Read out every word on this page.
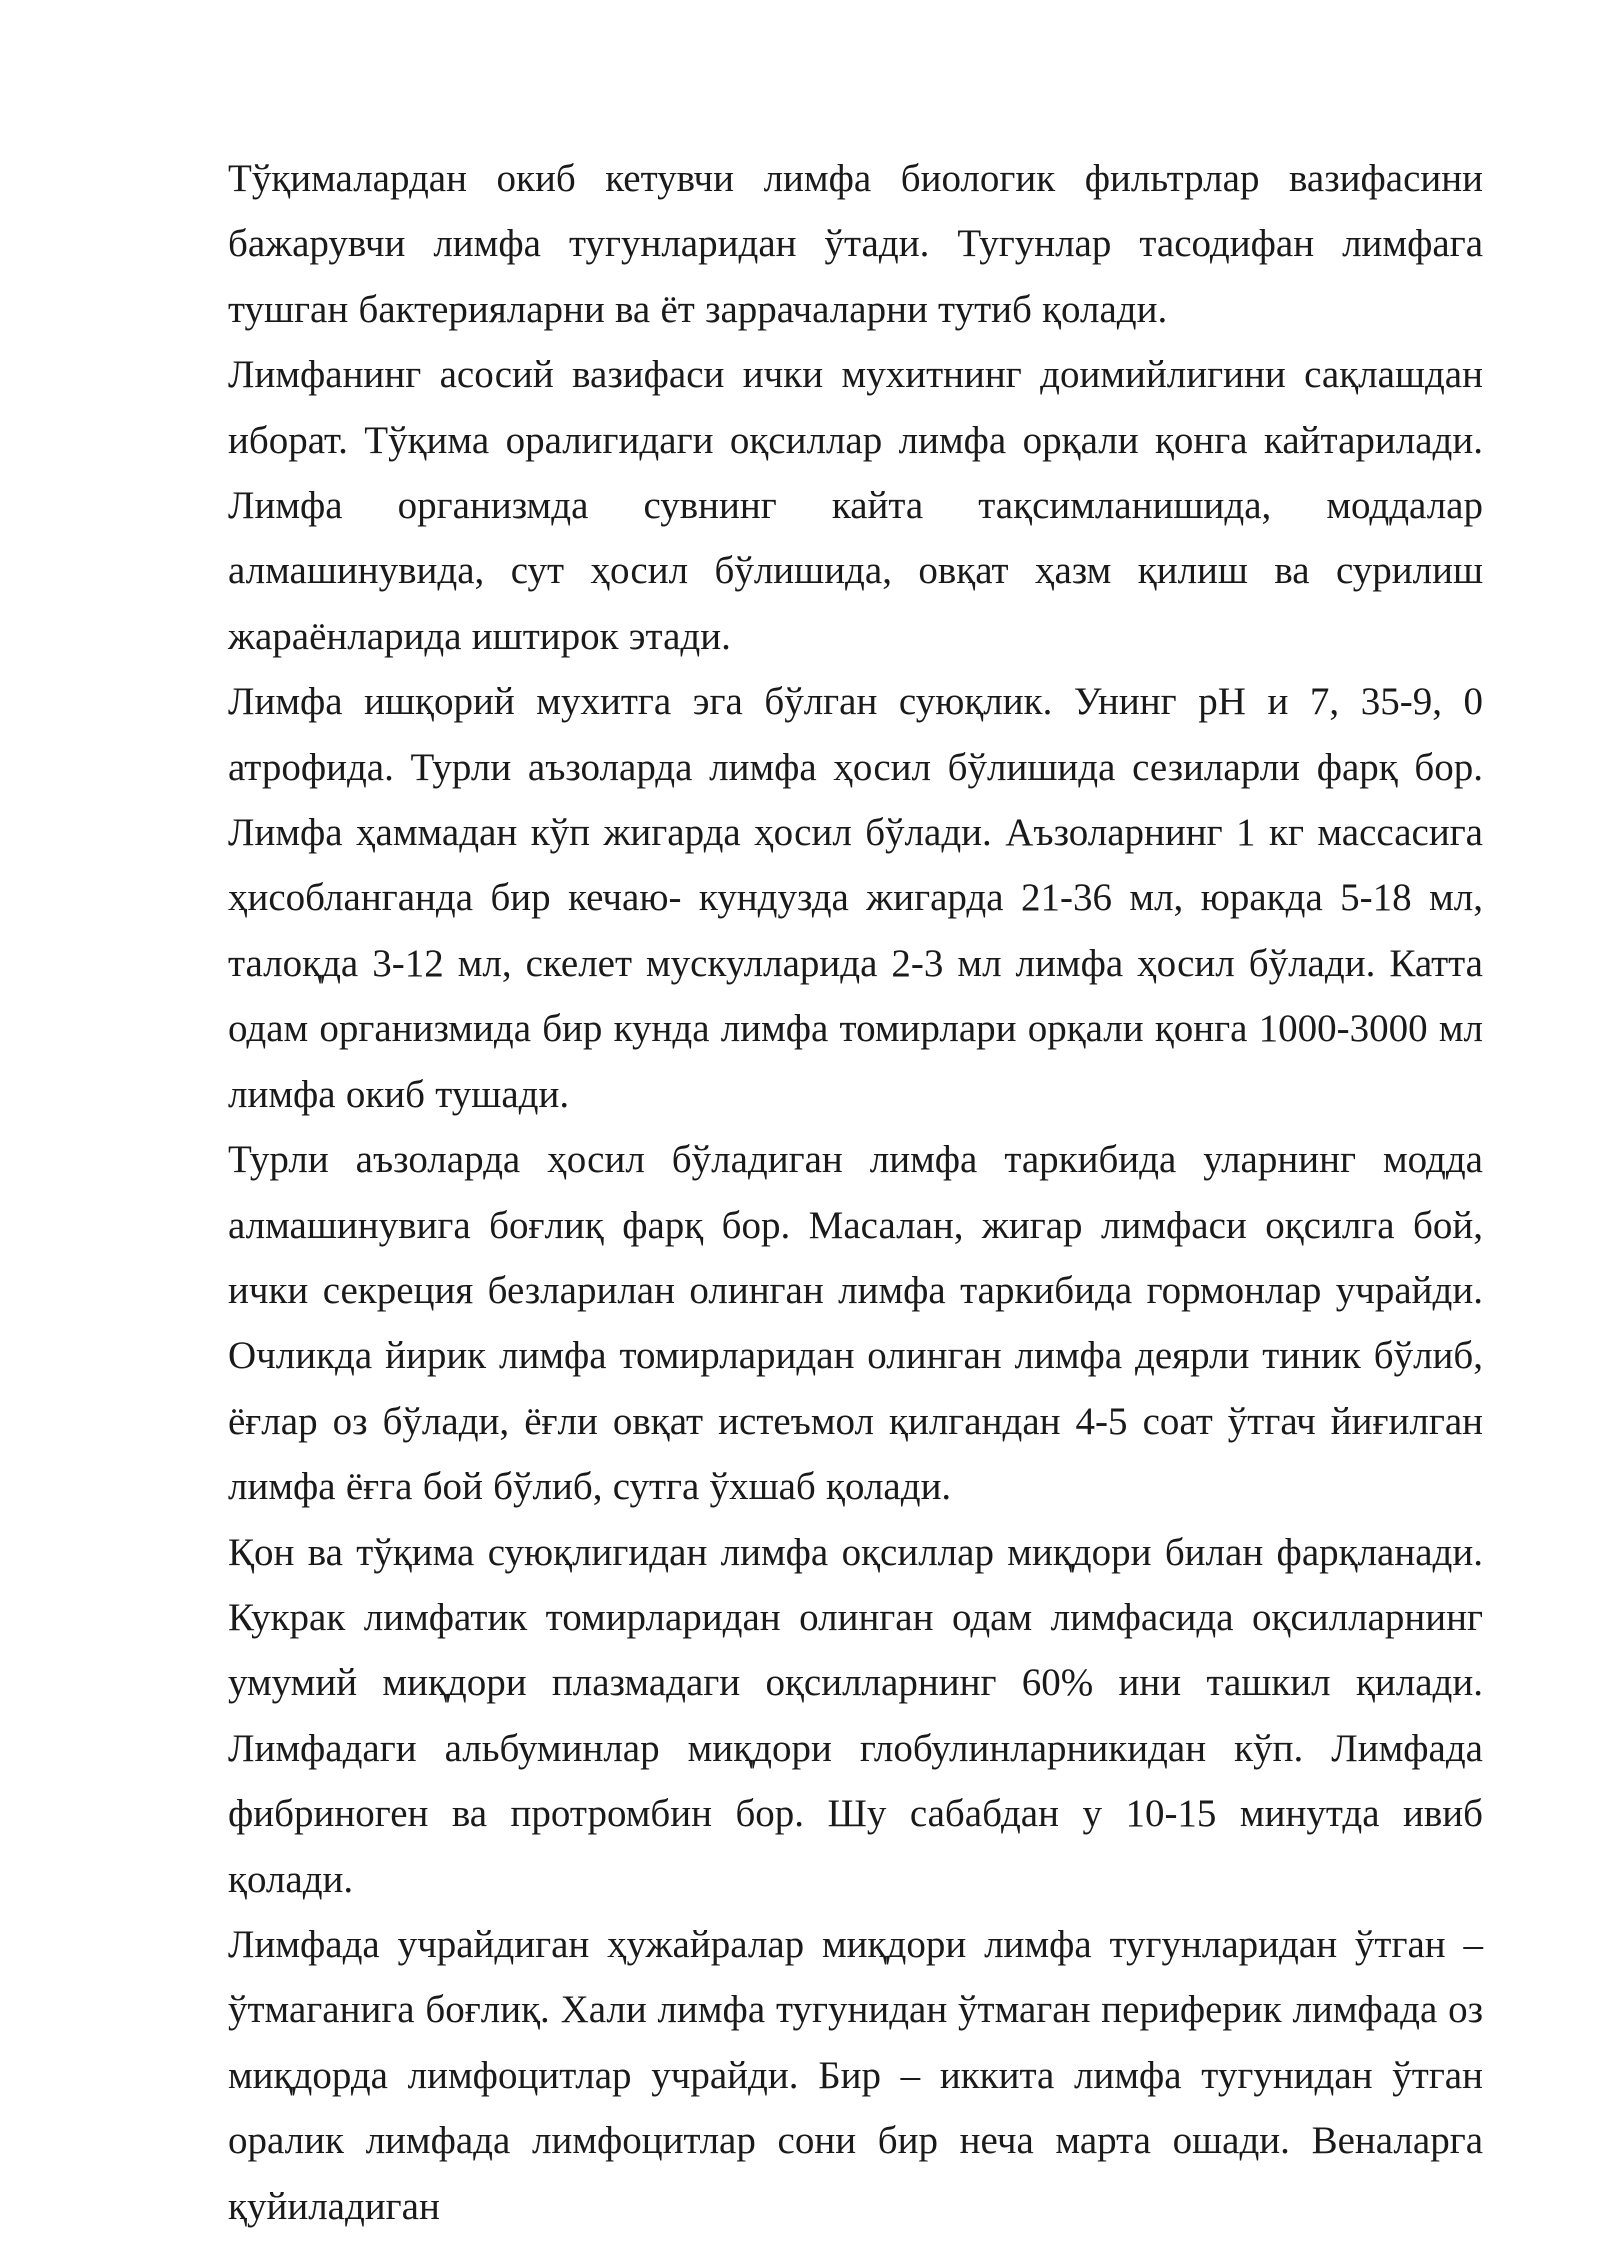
Тўқималардан окиб кетувчи лимфа биологик фильтрлар вазифасини бажарувчи лимфа тугунларидан ўтади. Тугунлар тасодифан лимфага тушган бактерияларни ва ёт заррачаларни тутиб қолади.

Лимфанинг асосий вазифаси ички мухитнинг доимийлигини сақлашдан иборат. Тўқима оралигидаги оқсиллар лимфа орқали қонга кайтарилади. Лимфа организмда сувнинг кайта тақсимланишида, моддалар алмашинувида, сут ҳосил бўлишида, овқат ҳазм қилиш ва сурилиш жараёнларида иштирок этади.

Лимфа ишқорий мухитга эга бўлган суюқлик. Унинг pH и 7, 35-9, 0 атрофида. Турли аъзоларда лимфа ҳосил бўлишида сезиларли фарқ бор. Лимфа ҳаммадан кўп жигарда ҳосил бўлади. Аъзоларнинг 1 кг массасига ҳисобланганда бир кечаю- кундузда жигарда 21-36 мл, юракда 5-18 мл, талоқда 3-12 мл, скелет мускулларида 2-3 мл лимфа ҳосил бўлади. Катта одам организмида бир кунда лимфа томирлари орқали қонга 1000-3000 мл лимфа окиб тушади.

Турли аъзоларда ҳосил бўладиган лимфа таркибида уларнинг модда алмашинувига боғлиқ фарқ бор. Масалан, жигар лимфаси оқсилга бой, ички секреция безларилан олинган лимфа таркибида гормонлар учрайди. Очликда йирик лимфа томирларидан олинган лимфа деярли тиник бўлиб, ёғлар оз бўлади, ёғли овқат истеъмол қилгандан 4-5 соат ўтгач йиғилган лимфа ёғга бой бўлиб, сутга ўхшаб қолади.

Қон ва тўқима суюқлигидан лимфа оқсиллар миқдори билан фарқланади. Кукрак лимфатик томирларидан олинган одам лимфасида оқсилларнинг умумий миқдори плазмадаги оқсилларнинг 60% ини ташкил қилади. Лимфадаги альбуминлар миқдори глобулинларникидан кўп. Лимфада фибриноген ва протромбин бор. Шу сабабдан у 10-15 минутда ивиб қолади.

Лимфада учрайдиган ҳужайралар миқдори лимфа тугунларидан ўтган – ўтмаганига боғлиқ. Хали лимфа тугунидан ўтмаган периферик лимфада оз миқдорда лимфоцитлар учрайди. Бир – иккита лимфа тугунидан ўтган оралик лимфада лимфоцитлар сони бир неча марта ошади. Веналарга қуйиладиган
